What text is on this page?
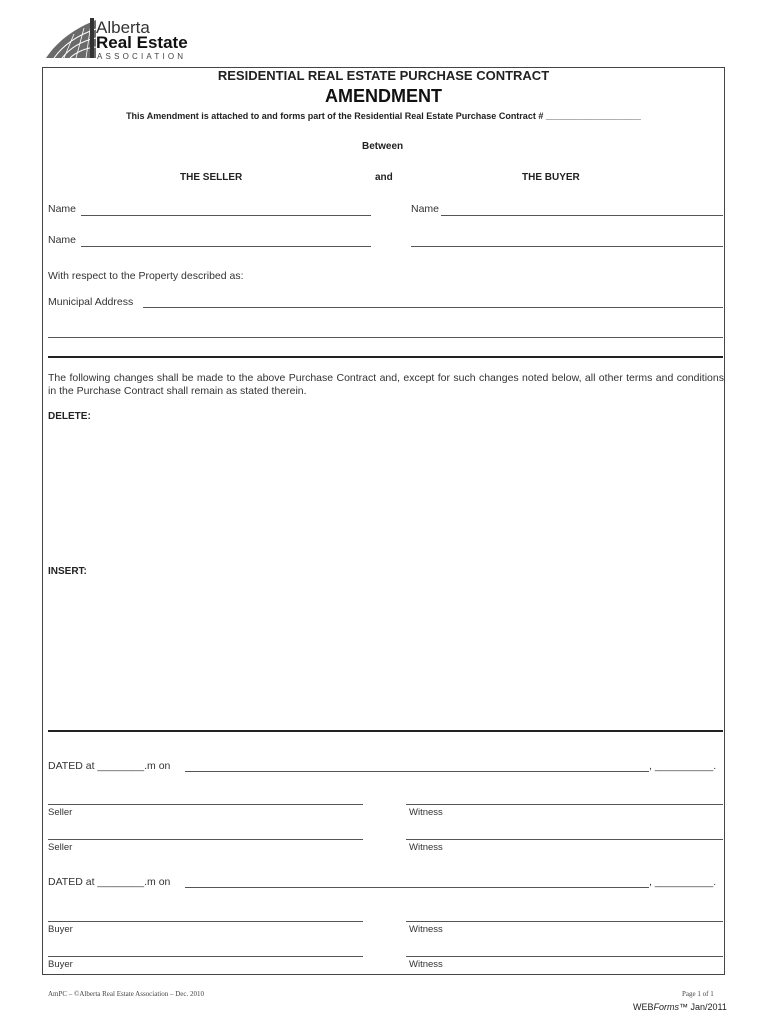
Alberta
Real Estate
ASSOCIATION
RESIDENTIAL REAL ESTATE PURCHASE CONTRACT
AMENDMENT
This Amendment is attached to and forms part of the Residential Real Estate Purchase Contract # ___________________
Between
THE SELLER	and	THE BUYER
Name	Name
Name
With respect to the Property described as:
Municipal Address
The following changes shall be made to the above Purchase Contract and, except for such changes noted below, all other terms and conditions in the Purchase Contract shall remain as stated therein.
DELETE:
INSERT:
DATED at ________.m on	, __________.
Seller	Witness
Seller	Witness
DATED at ________.m on	, __________.
Buyer	Witness
Buyer	Witness
AmPC – ©Alberta Real Estate Association – Dec. 2010	Page 1 of 1
WEBForms™ Jan/2011
